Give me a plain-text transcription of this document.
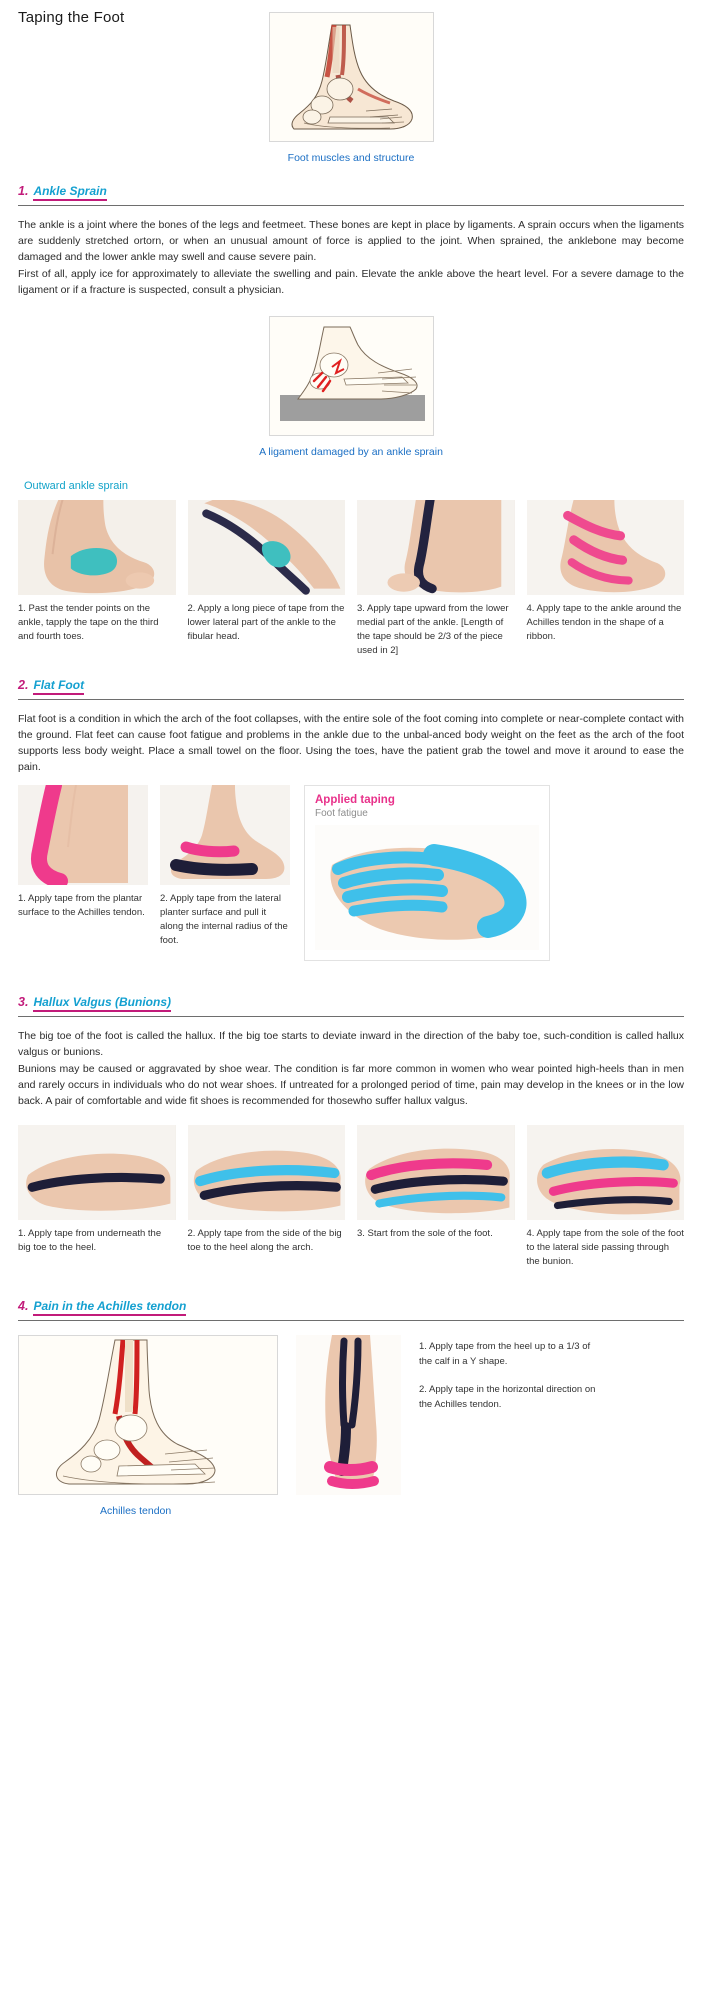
Taping the Foot
Foot muscles and structure
1. Ankle Sprain

The ankle is a joint where the bones of the legs and feetmeet. These bones are kept in place by ligaments. A sprain occurs when the ligaments are suddenly stretched ortorn, or when an unusual amount of force is applied to the joint. When sprained, the anklebone may become damaged and the lower ankle may swell and cause severe pain.

First of all, apply ice for approximately to alleviate the swelling and pain. Elevate the ankle above the heart level. For a severe damage to the ligament or if a fracture is suspected, consult a physician.

A ligament damaged by an ankle sprain
Outward ankle sprain
1. Past the tender points on the ankle, tapply the tape on the third and fourth toes.
2. Apply a long piece of tape from the lower lateral part of the ankle to the fibular head.
3. Apply tape upward from the lower medial part of the ankle. [Length of the tape should be 2/3 of the piece used in 2]
4. Apply tape to the ankle around the Achilles tendon in the shape of a ribbon.
2. Flat Foot

Flat foot is a condition in which the arch of the foot collapses, with the entire sole of the foot coming into complete or near-complete contact with the ground. Flat feet can cause foot fatigue and problems in the ankle due to the unbal-anced body weight on the feet as the arch of the foot supports less body weight. Place a small towel on the floor. Using the toes, have the patient grab the towel and move it around to ease the pain.

1. Apply tape from the plantar surface to the Achilles tendon.
2. Apply tape from the lateral planter surface and pull it along the internal radius of the foot.
Applied taping
Foot fatigue
3. Hallux Valgus (Bunions)

The big toe of the foot is called the hallux. If the big toe starts to deviate inward in the direction of the baby toe, such-condition is called hallux valgus or bunions.

Bunions may be caused or aggravated by shoe wear. The condition is far more common in women who wear pointed high-heels than in men and rarely occurs in individuals who do not wear shoes. If untreated for a prolonged period of time, pain may develop in the knees or in the low back. A pair of comfortable and wide fit shoes is recommended for thosewho suffer hallux valgus.

1. Apply tape from underneath the big toe to the heel.
2. Apply tape from the side of the big toe to the heel along the arch.
3. Start from the sole of the foot.	4. Apply tape from the sole of the foot to the lateral side passing through the bunion.
4. Pain in the Achilles tendon
Achilles tendon

1. Apply tape from the heel up to a 1/3 of the calf in a Y shape.

2. Apply tape in the horizontal direction on the Achilles tendon.
